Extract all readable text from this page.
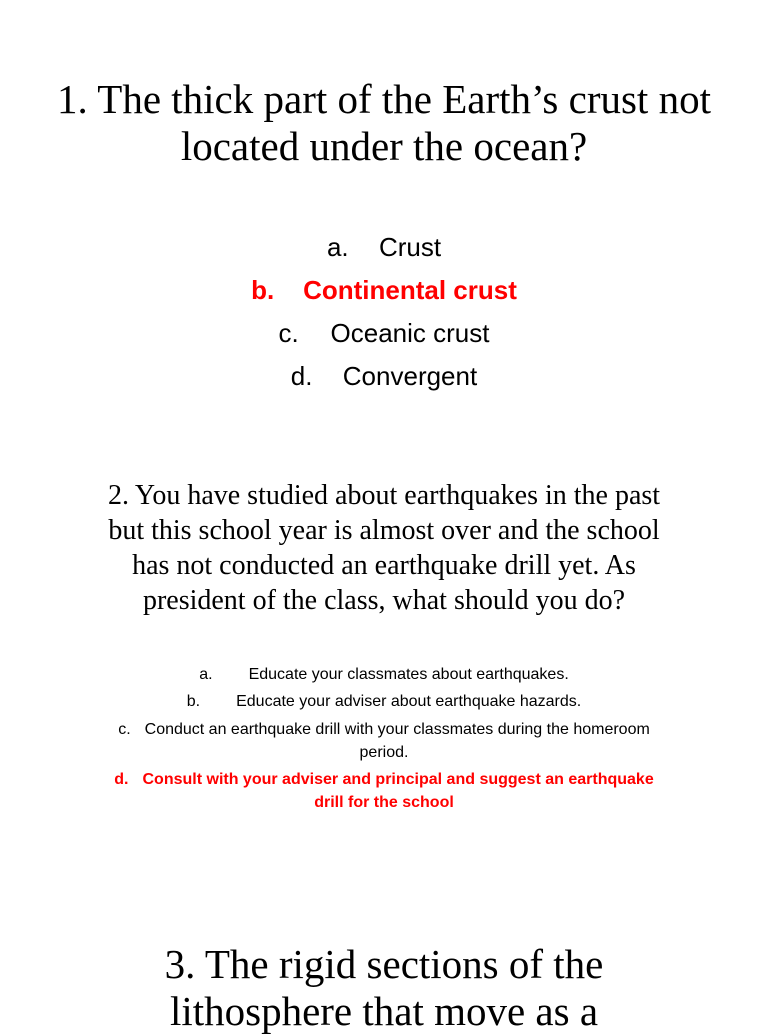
1. The thick part of the Earth’s crust not located under the ocean?
a. Crust
b. Continental crust
c. Oceanic crust
d. Convergent
2. You have studied about earthquakes in the past but this school year is almost over and the school has not conducted an earthquake drill yet. As president of the class, what should you do?
a. Educate your classmates about earthquakes.
b. Educate your adviser about earthquake hazards.
c. Conduct an earthquake drill with your classmates during the homeroom period.
d. Consult with your adviser and principal and suggest an earthquake drill for the school
3. The rigid sections of the lithosphere that move as a
